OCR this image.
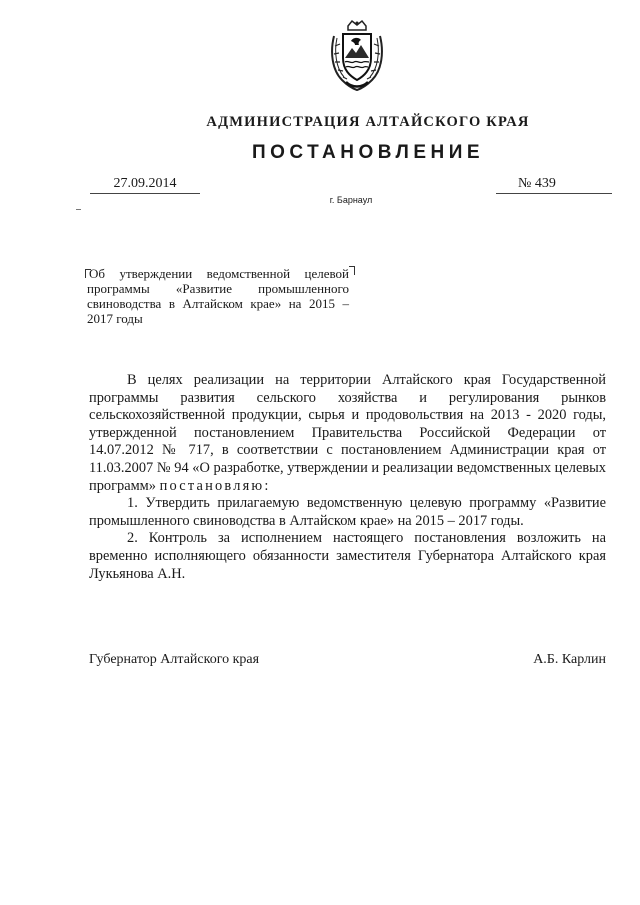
АДМИНИСТРАЦИЯ АЛТАЙСКОГО КРАЯ
ПОСТАНОВЛЕНИЕ
27.09.2014	№ 439
г. Барнаул
Об утверждении ведомственной целевой программы «Развитие промышленного свиноводства в Алтайском крае» на 2015 – 2017 годы

В целях реализации на территории Алтайского края Государственной программы развития сельского хозяйства и регулирования рынков сельскохозяйственной продукции, сырья и продовольствия на 2013 - 2020 годы, утвержденной постановлением Правительства Российской Федерации от 14.07.2012 № 717, в соответствии с постановлением Администрации края от 11.03.2007 № 94 «О разработке, утверждении и реализации ведомственных целевых программ» постановляю:

1. Утвердить прилагаемую ведомственную целевую программу «Развитие промышленного свиноводства в Алтайском крае» на 2015 – 2017 годы.

2. Контроль за исполнением настоящего постановления возложить на временно исполняющего обязанности заместителя Губернатора Алтайского края Лукьянова А.Н.

Губернатор Алтайского края	А.Б. Карлин
